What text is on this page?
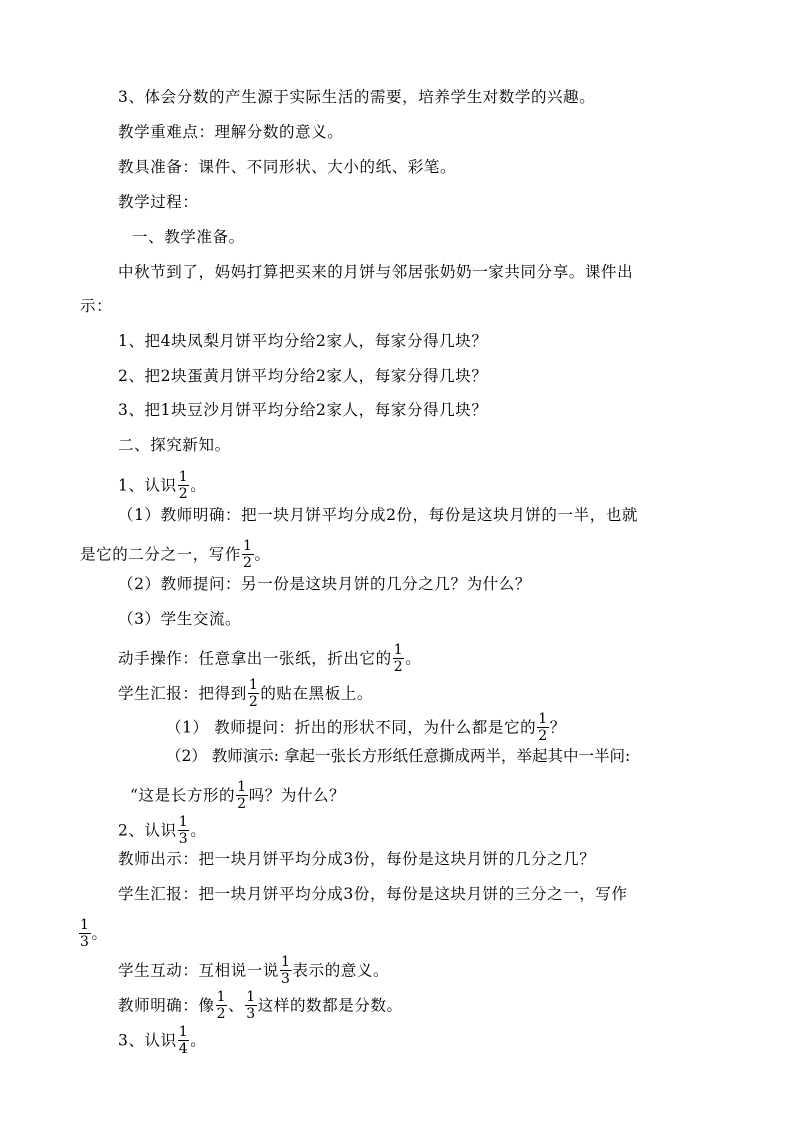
3、体会分数的产生源于实际生活的需要，培养学生对数学的兴趣。
教学重难点：理解分数的意义。
教具准备：课件、不同形状、大小的纸、彩笔。
教学过程：
一、教学准备。
中秋节到了，妈妈打算把买来的月饼与邻居张奶奶一家共同分享。课件出
示：
1、把4块凤梨月饼平均分给2家人，每家分得几块？
2、把2块蛋黄月饼平均分给2家人，每家分得几块？
3、把1块豆沙月饼平均分给2家人，每家分得几块？
二、探究新知。
1、认识 $\frac{1}{2}$ 。
（1）教师明确：把一块月饼平均分成2份，每份是这块月饼的一半，也就
是它的二分之一，写作 $\frac{1}{2}$ 。
（2）教师提问：另一份是这块月饼的几分之几？为什么？
（3）学生交流。
动手操作：任意拿出一张纸，折出它的 $\frac{1}{2}$ 。
学生汇报：把得到 $\frac{1}{2}$ 的贴在黑板上。
（1） 教师提问：折出的形状不同，为什么都是它的 $\frac{1}{2}$ ？
（2） 教师演示: 拿起一张长方形纸任意撕成两半，举起其中一半问:
“这是长方形的 $\frac{1}{2}$ 吗？为什么？
2、认识 $\frac{1}{3}$ 。
教师出示：把一块月饼平均分成3份，每份是这块月饼的几分之几？
学生汇报：把一块月饼平均分成3份，每份是这块月饼的三分之一，写作
$\frac{1}{3}$ 。
学生互动：互相说一说 $\frac{1}{3}$ 表示的意义。
教师明确：像 $\frac{1}{2}$ 、 $\frac{1}{3}$ 这样的数都是分数。
3、认识 $\frac{1}{4}$ 。
